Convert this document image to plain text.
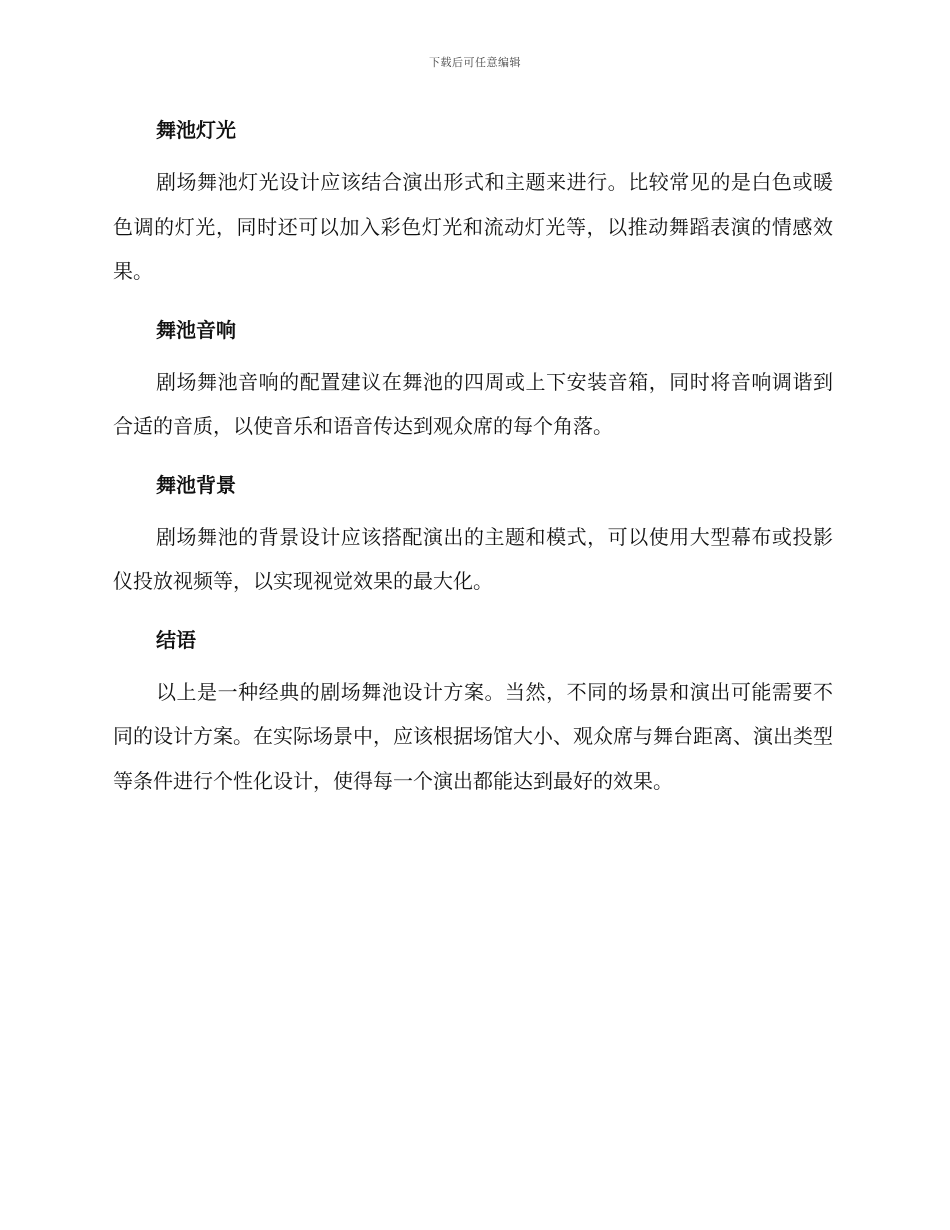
下载后可任意编辑
舞池灯光

剧场舞池灯光设计应该结合演出形式和主题来进行。比较常见的是白色或暖色调的灯光，同时还可以加入彩色灯光和流动灯光等，以推动舞蹈表演的情感效果。

舞池音响

剧场舞池音响的配置建议在舞池的四周或上下安装音箱，同时将音响调谐到合适的音质，以使音乐和语音传达到观众席的每个角落。

舞池背景

剧场舞池的背景设计应该搭配演出的主题和模式，可以使用大型幕布或投影仪投放视频等，以实现视觉效果的最大化。

结语

以上是一种经典的剧场舞池设计方案。当然，不同的场景和演出可能需要不同的设计方案。在实际场景中，应该根据场馆大小、观众席与舞台距离、演出类型等条件进行个性化设计，使得每一个演出都能达到最好的效果。
